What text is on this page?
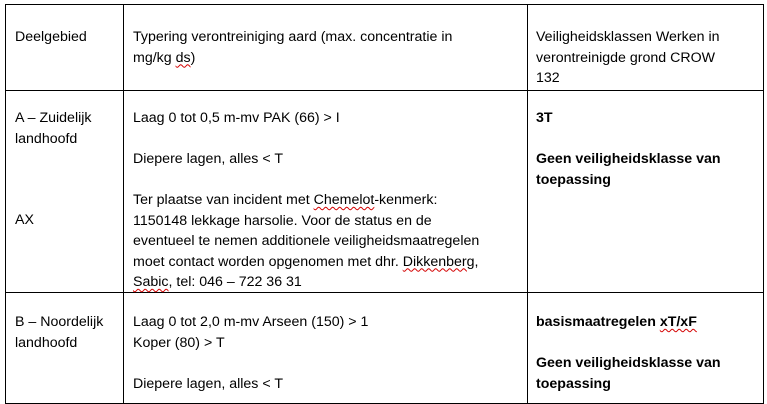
Deelgebied	Typering verontreiniging aard (max. concentratie in
mg/kg ds)
Veiligheidsklassen Werken in
verontreinigde grond CROW
132
A – Zuidelijk
landhoofd
AX
Laag 0 tot 0,5 m-mv PAK (66) > I
Diepere lagen, alles < T
Ter plaatse van incident met Chemelot-kenmerk:
1150148 lekkage harsolie. Voor de status en de
eventueel te nemen additionele veiligheidsmaatregelen
moet contact worden opgenomen met dhr. Dikkenberg,
Sabic, tel: 046 – 722 36 31
3T
Geen veiligheidsklasse van
toepassing
B – Noordelijk
landhoofd
Laag 0 tot 2,0 m-mv Arseen (150) > 1
Koper (80) > T
Diepere lagen, alles < T
basismaatregelen xT/xF
Geen veiligheidsklasse van
toepassing
